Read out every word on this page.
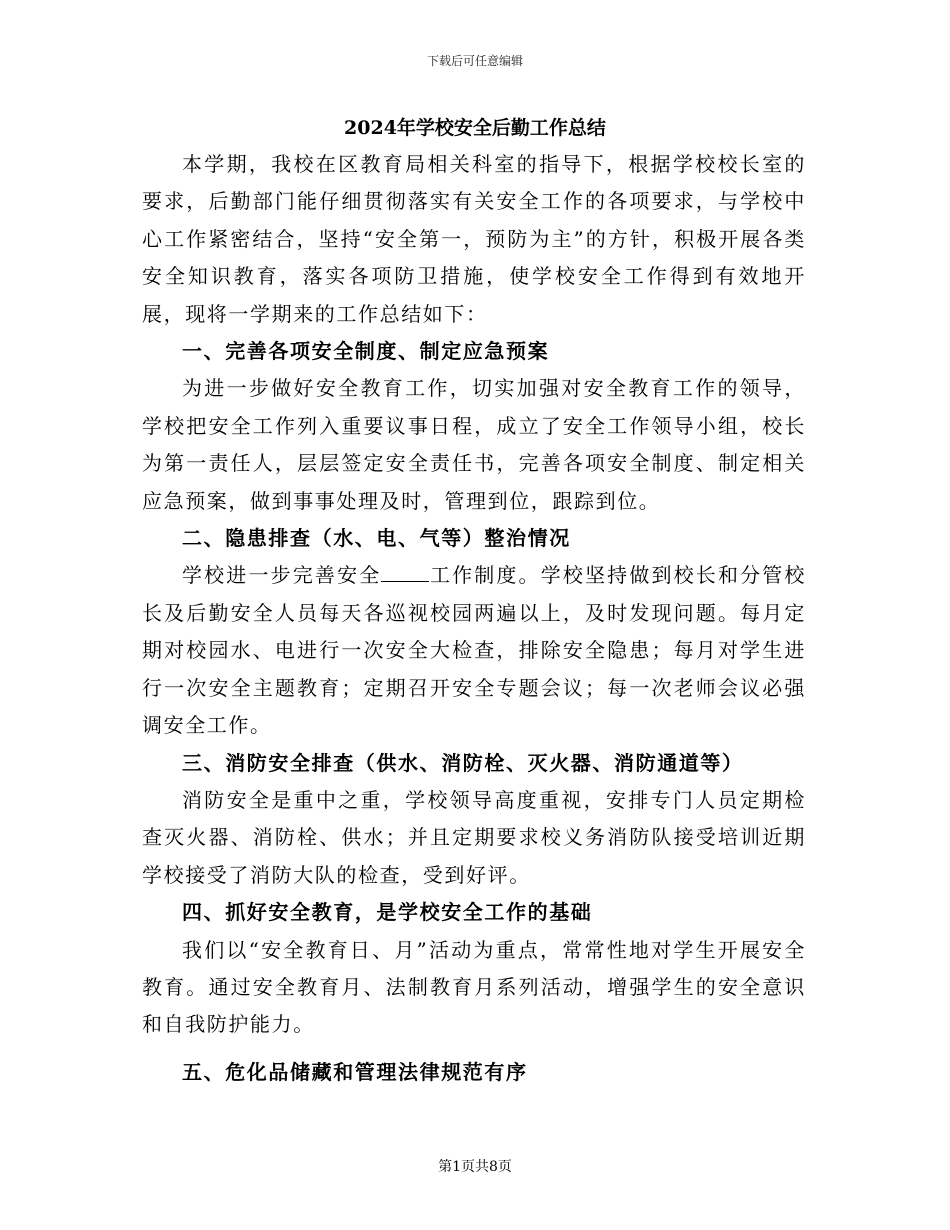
下载后可任意编辑
2024年学校安全后勤工作总结

本学期，我校在区教育局相关科室的指导下，根据学校校长室的要求，后勤部门能仔细贯彻落实有关安全工作的各项要求，与学校中心工作紧密结合，坚持“安全第一，预防为主”的方针，积极开展各类安全知识教育，落实各项防卫措施，使学校安全工作得到有效地开展，现将一学期来的工作总结如下：

一、完善各项安全制度、制定应急预案

为进一步做好安全教育工作，切实加强对安全教育工作的领导，学校把安全工作列入重要议事日程，成立了安全工作领导小组，校长为第一责任人，层层签定安全责任书，完善各项安全制度、制定相关应急预案，做到事事处理及时，管理到位，跟踪到位。

二、隐患排查（水、电、气等）整治情况

学校进一步完善安全 工作制度。学校坚持做到校长和分管校长及后勤安全人员每天各巡视校园两遍以上，及时发现问题。每月定期对校园水、电进行一次安全大检查，排除安全隐患；每月对学生进行一次安全主题教育；定期召开安全专题会议；每一次老师会议必强调安全工作。

三、消防安全排查（供水、消防栓、灭火器、消防通道等）

消防安全是重中之重，学校领导高度重视，安排专门人员定期检查灭火器、消防栓、供水；并且定期要求校义务消防队接受培训近期学校接受了消防大队的检查，受到好评。

四、抓好安全教育，是学校安全工作的基础

我们以“安全教育日、月”活动为重点，常常性地对学生开展安全教育。通过安全教育月、法制教育月系列活动，增强学生的安全意识和自我防护能力。

五、危化品储藏和管理法律规范有序

第1页共8页
